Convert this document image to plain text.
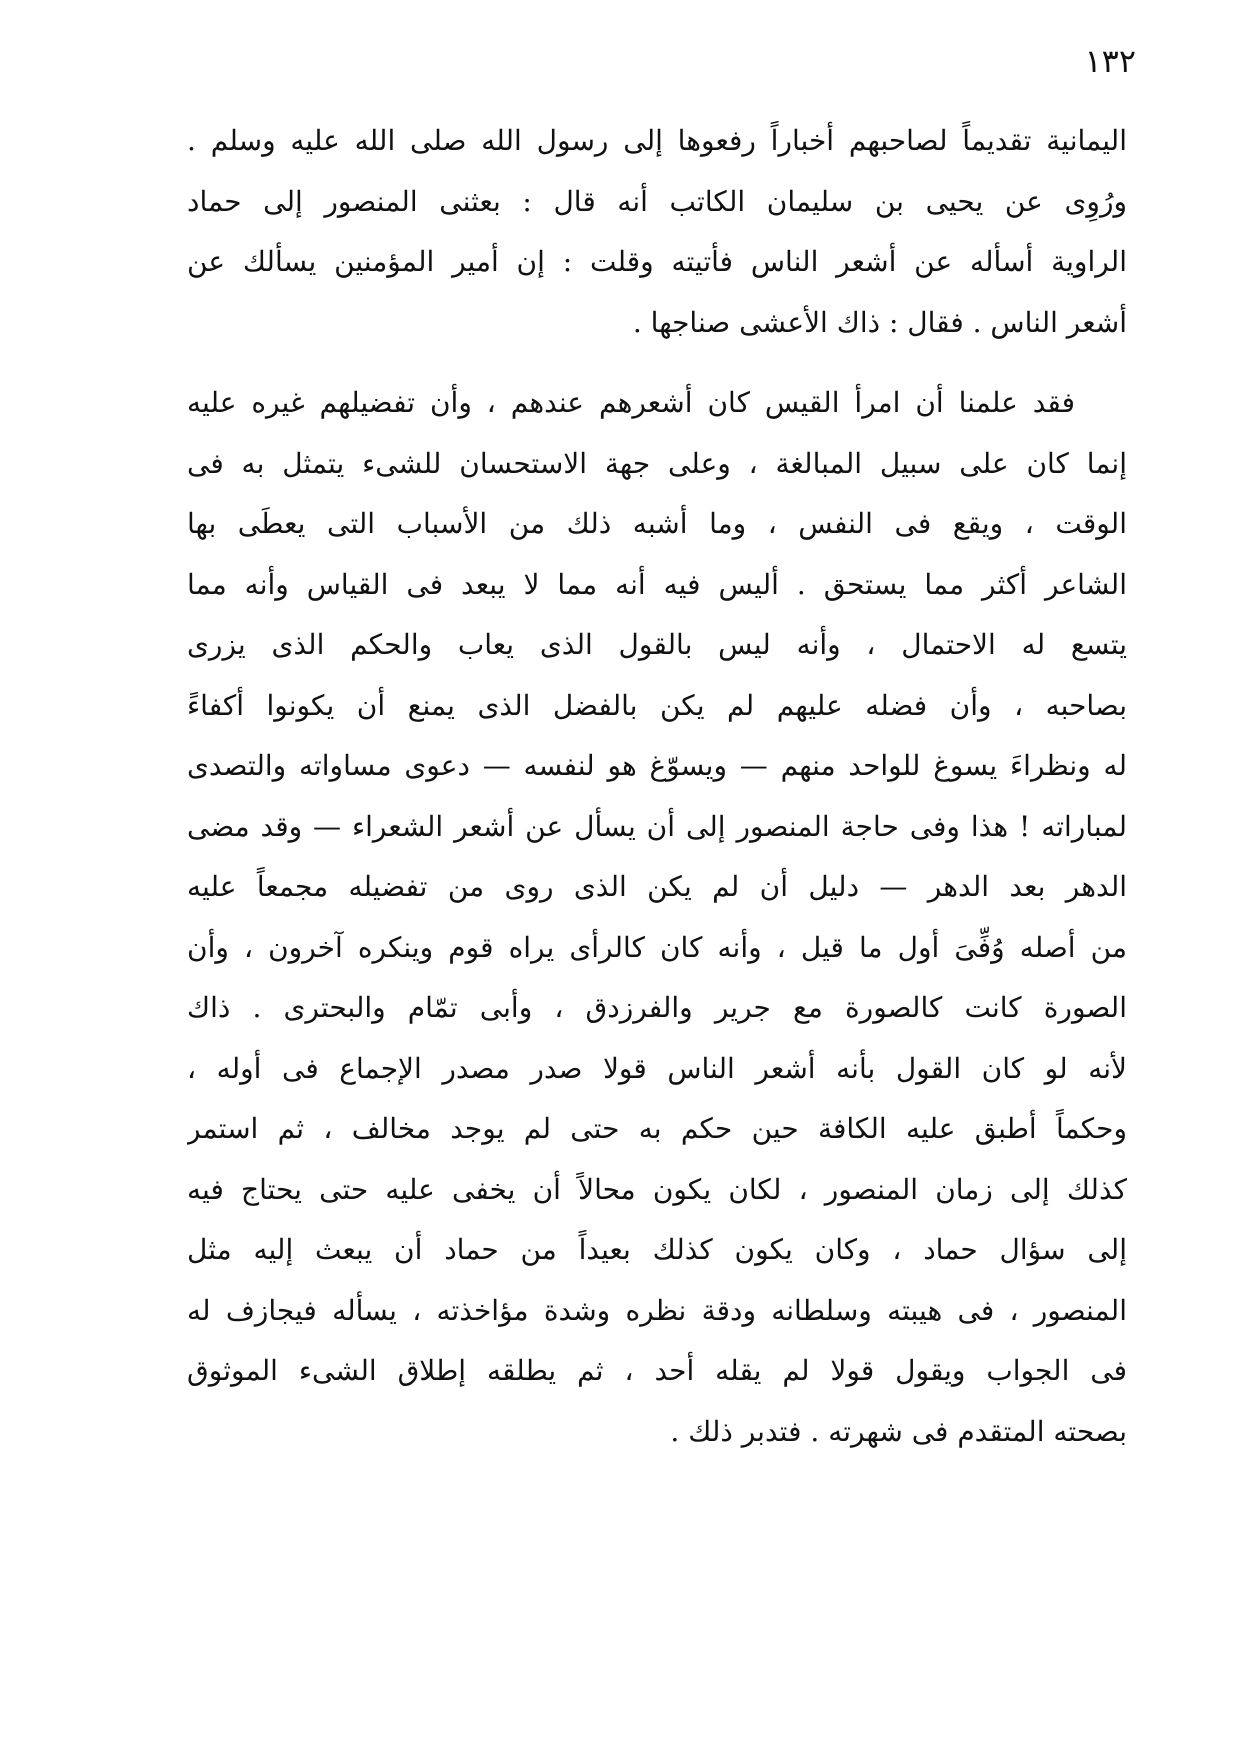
١٣٢
اليمانية تقديماً لصاحبهم أخباراً رفعوها إلى رسول الله صلى الله عليه وسلم .
ورُوِى عن يحيى بن سليمان الكاتب أنه قال : بعثنى المنصور إلى حماد
الراوية أسأله عن أشعر الناس فأتيته وقلت : إن أمير المؤمنين يسألك عن
أشعر الناس . فقال : ذاك الأعشى صناجها .
فقد علمنا أن امرأ القيس كان أشعرهم عندهم ، وأن تفضيلهم غيره عليه
إنما كان على سبيل المبالغة ، وعلى جهة الاستحسان للشىء يتمثل به فى
الوقت ، ويقع فى النفس ، وما أشبه ذلك من الأسباب التى يعطَى بها
الشاعر أكثر مما يستحق . أليس فيه أنه مما لا يبعد فى القياس وأنه مما
يتسع له الاحتمال ، وأنه ليس بالقول الذى يعاب والحكم الذى يزرى
بصاحبه ، وأن فضله عليهم لم يكن بالفضل الذى يمنع أن يكونوا أكفاءً
له ونظراءَ يسوغ للواحد منهم — ويسوّغ هو لنفسه — دعوى مساواته والتصدى
لمباراته ! هذا وفى حاجة المنصور إلى أن يسأل عن أشعر الشعراء — وقد مضى
الدهر بعد الدهر — دليل أن لم يكن الذى روى من تفضيله مجمعاً عليه
من أصله وُفِّىَ أول ما قيل ، وأنه كان كالرأى يراه قوم وينكره آخرون ، وأن
الصورة كانت كالصورة مع جرير والفرزدق ، وأبى تمّام والبحترى . ذاك
لأنه لو كان القول بأنه أشعر الناس قولا صدر مصدر الإجماع فى أوله ،
وحكماً أطبق عليه الكافة حين حكم به حتى لم يوجد مخالف ، ثم استمر
كذلك إلى زمان المنصور ، لكان يكون محالاً أن يخفى عليه حتى يحتاج فيه
إلى سؤال حماد ، وكان يكون كذلك بعيداً من حماد أن يبعث إليه مثل
المنصور ، فى هيبته وسلطانه ودقة نظره وشدة مؤاخذته ، يسأله فيجازف له
فى الجواب ويقول قولا لم يقله أحد ، ثم يطلقه إطلاق الشىء الموثوق
بصحته المتقدم فى شهرته . فتدبر ذلك .
